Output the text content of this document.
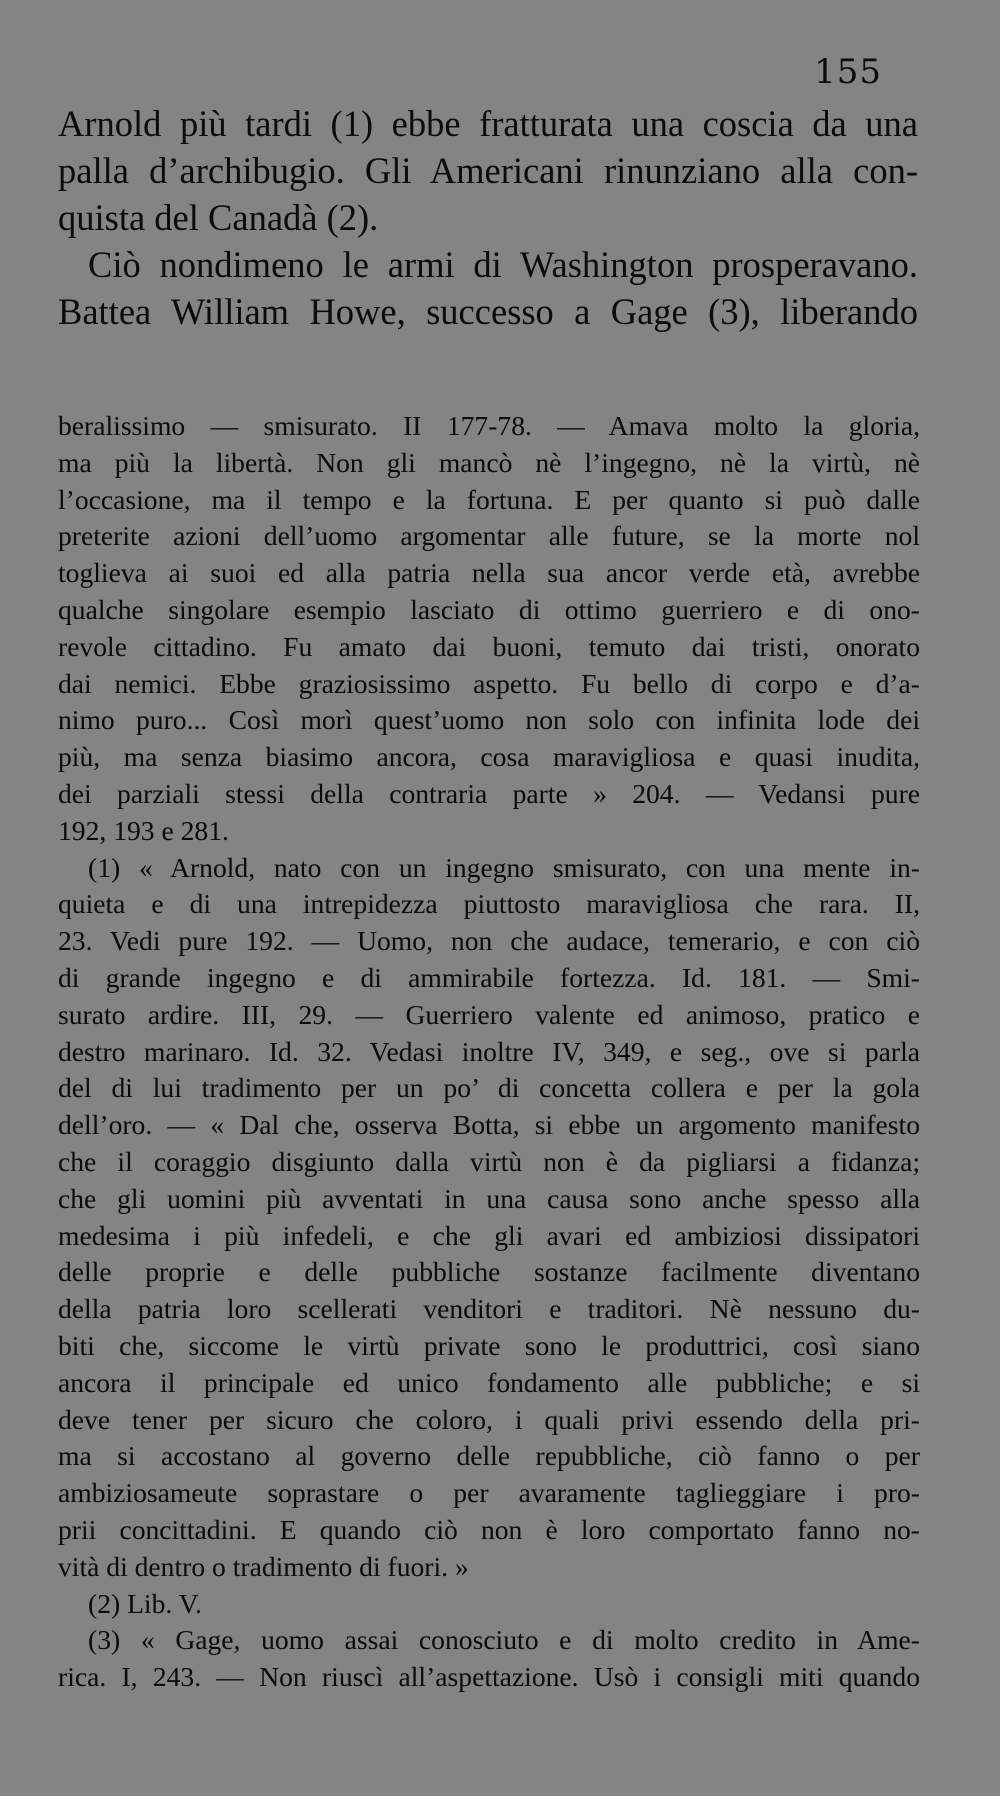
155
Arnold più tardi (1) ebbe fratturata una coscia da una
palla d’archibugio. Gli Americani rinunziano alla con-
quista del Canadà (2).
Ciò nondimeno le armi di Washington prosperavano.
Battea William Howe, successo a Gage (3), liberando
beralissimo — smisurato. II 177-78. — Amava molto la gloria,
ma più la libertà. Non gli mancò nè l’ingegno, nè la virtù, nè
l’occasione, ma il tempo e la fortuna. E per quanto si può dalle
preterite azioni dell’uomo argomentar alle future, se la morte nol
toglieva ai suoi ed alla patria nella sua ancor verde età, avrebbe
qualche singolare esempio lasciato di ottimo guerriero e di ono-
revole cittadino. Fu amato dai buoni, temuto dai tristi, onorato
dai nemici. Ebbe graziosissimo aspetto. Fu bello di corpo e d’a-
nimo puro... Così morì quest’uomo non solo con infinita lode dei
più, ma senza biasimo ancora, cosa maravigliosa e quasi inudita,
dei parziali stessi della contraria parte » 204. — Vedansi pure
192, 193 e 281.
(1) « Arnold, nato con un ingegno smisurato, con una mente in-
quieta e di una intrepidezza piuttosto maravigliosa che rara. II,
23. Vedi pure 192. — Uomo, non che audace, temerario, e con ciò
di grande ingegno e di ammirabile fortezza. Id. 181. — Smi-
surato ardire. III, 29. — Guerriero valente ed animoso, pratico e
destro marinaro. Id. 32. Vedasi inoltre IV, 349, e seg., ove si parla
del di lui tradimento per un po’ di concetta collera e per la gola
dell’oro. — « Dal che, osserva Botta, si ebbe un argomento manifesto
che il coraggio disgiunto dalla virtù non è da pigliarsi a fidanza;
che gli uomini più avventati in una causa sono anche spesso alla
medesima i più infedeli, e che gli avari ed ambiziosi dissipatori
delle proprie e delle pubbliche sostanze facilmente diventano
della patria loro scellerati venditori e traditori. Nè nessuno du-
biti che, siccome le virtù private sono le produttrici, così siano
ancora il principale ed unico fondamento alle pubbliche; e si
deve tener per sicuro che coloro, i quali privi essendo della pri-
ma si accostano al governo delle repubbliche, ciò fanno o per
ambiziosameute soprastare o per avaramente taglieggiare i pro-
prii concittadini. E quando ciò non è loro comportato fanno no-
vità di dentro o tradimento di fuori. »
(2) Lib. V.
(3) « Gage, uomo assai conosciuto e di molto credito in Ame-
rica. I, 243. — Non riuscì all’aspettazione. Usò i consigli miti quando
